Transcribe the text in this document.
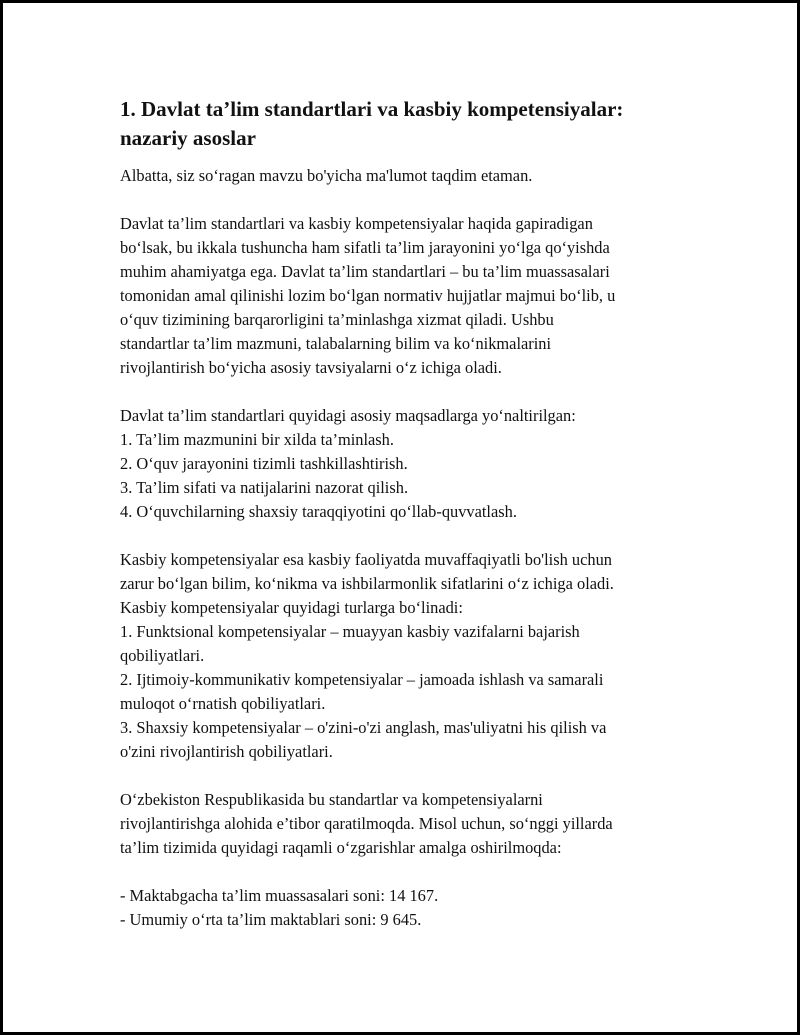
1. Davlat ta’lim standartlari va kasbiy kompetensiyalar:
nazariy asoslar

Albatta, siz so‘ragan mavzu bo'yicha ma'lumot taqdim etaman.

Davlat ta’lim standartlari va kasbiy kompetensiyalar haqida gapiradigan
bo‘lsak, bu ikkala tushuncha ham sifatli ta’lim jarayonini yo‘lga qo‘yishda
muhim ahamiyatga ega. Davlat ta’lim standartlari – bu ta’lim muassasalari
tomonidan amal qilinishi lozim bo‘lgan normativ hujjatlar majmui bo‘lib, u
o‘quv tizimining barqarorligini ta’minlashga xizmat qiladi. Ushbu
standartlar ta’lim mazmuni, talabalarning bilim va ko‘nikmalarini
rivojlantirish bo‘yicha asosiy tavsiyalarni o‘z ichiga oladi.

Davlat ta’lim standartlari quyidagi asosiy maqsadlarga yo‘naltirilgan:
1. Ta’lim mazmunini bir xilda ta’minlash.
2. O‘quv jarayonini tizimli tashkillashtirish.
3. Ta’lim sifati va natijalarini nazorat qilish.
4. O‘quvchilarning shaxsiy taraqqiyotini qo‘llab-quvvatlash.

Kasbiy kompetensiyalar esa kasbiy faoliyatda muvaffaqiyatli bo'lish uchun
zarur bo‘lgan bilim, ko‘nikma va ishbilarmonlik sifatlarini o‘z ichiga oladi.
Kasbiy kompetensiyalar quyidagi turlarga bo‘linadi:
1. Funktsional kompetensiyalar – muayyan kasbiy vazifalarni bajarish
qobiliyatlari.
2. Ijtimoiy-kommunikativ kompetensiyalar – jamoada ishlash va samarali
muloqot o‘rnatish qobiliyatlari.
3. Shaxsiy kompetensiyalar – o'zini-o'zi anglash, mas'uliyatni his qilish va
o'zini rivojlantirish qobiliyatlari.

O‘zbekiston Respublikasida bu standartlar va kompetensiyalarni
rivojlantirishga alohida e’tibor qaratilmoqda. Misol uchun, so‘nggi yillarda
ta’lim tizimida quyidagi raqamli o‘zgarishlar amalga oshirilmoqda:

- Maktabgacha ta’lim muassasalari soni: 14 167.
- Umumiy o‘rta ta’lim maktablari soni: 9 645.
